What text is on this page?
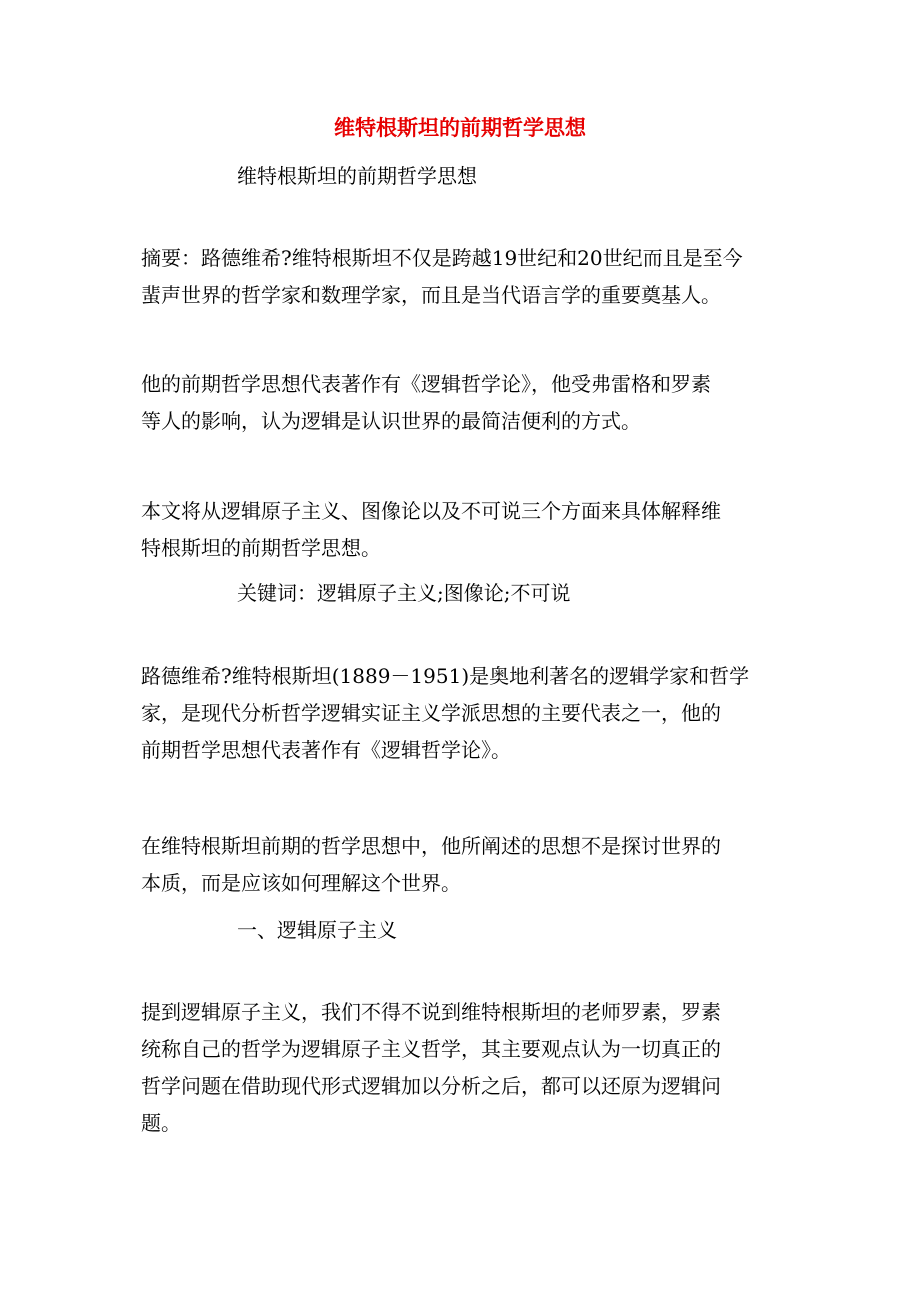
维特根斯坦的前期哲学思想

维特根斯坦的前期哲学思想

摘要：路德维希?维特根斯坦不仅是跨越19世纪和20世纪而且是至今
蜚声世界的哲学家和数理学家，而且是当代语言学的重要奠基人。

他的前期哲学思想代表著作有《逻辑哲学论》，他受弗雷格和罗素
等人的影响，认为逻辑是认识世界的最简洁便利的方式。

本文将从逻辑原子主义、图像论以及不可说三个方面来具体解释维
特根斯坦的前期哲学思想。

关键词：逻辑原子主义;图像论;不可说

路德维希?维特根斯坦(1889－1951)是奥地利著名的逻辑学家和哲学
家，是现代分析哲学逻辑实证主义学派思想的主要代表之一，他的
前期哲学思想代表著作有《逻辑哲学论》。

在维特根斯坦前期的哲学思想中，他所阐述的思想不是探讨世界的
本质，而是应该如何理解这个世界。

一、逻辑原子主义

提到逻辑原子主义，我们不得不说到维特根斯坦的老师罗素，罗素
统称自己的哲学为逻辑原子主义哲学，其主要观点认为一切真正的
哲学问题在借助现代形式逻辑加以分析之后，都可以还原为逻辑问
题。
